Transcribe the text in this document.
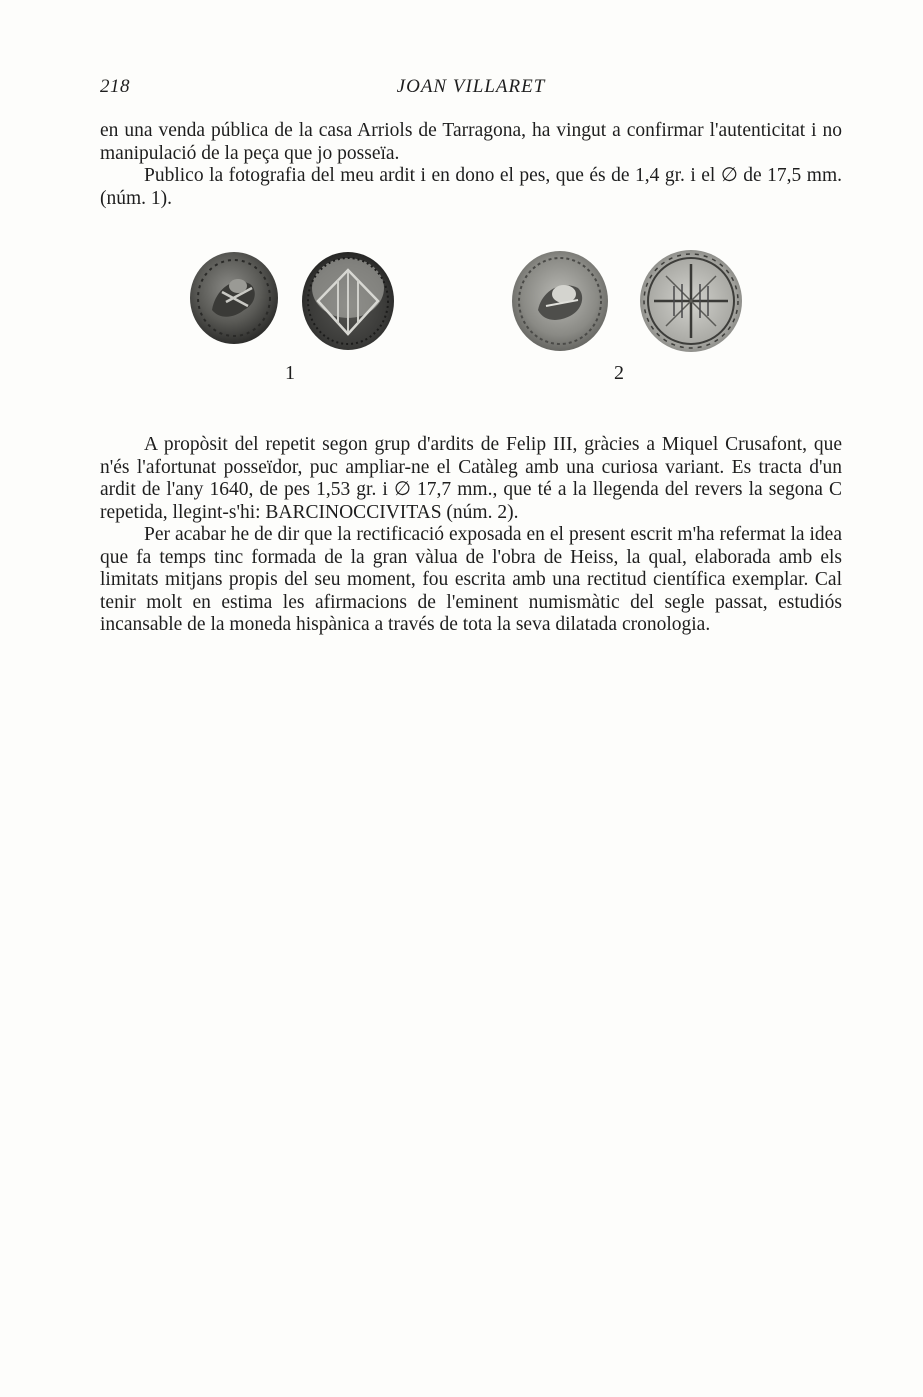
218	JOAN VILLARET

en una venda pública de la casa Arriols de Tarragona, ha vingut a confirmar l'autenticitat i no manipulació de la peça que jo posseïa.

Publico la fotografia del meu ardit i en dono el pes, que és de 1,4 gr. i el ∅ de 17,5 mm. (núm. 1).

1	2

A propòsit del repetit segon grup d'ardits de Felip III, gràcies a Miquel Crusafont, que n'és l'afortunat posseïdor, puc ampliar-ne el Catàleg amb una curiosa variant. Es tracta d'un ardit de l'any 1640, de pes 1,53 gr. i ∅ 17,7 mm., que té a la llegenda del revers la segona C repetida, llegint-s'hi: BARCINOCCIVITAS (núm. 2).

Per acabar he de dir que la rectificació exposada en el present escrit m'ha refermat la idea que fa temps tinc formada de la gran vàlua de l'obra de Heiss, la qual, elaborada amb els limitats mitjans propis del seu moment, fou escrita amb una rectitud científica exemplar. Cal tenir molt en estima les afirmacions de l'eminent numismàtic del segle passat, estudiós incansable de la moneda hispànica a través de tota la seva dilatada cronologia.
